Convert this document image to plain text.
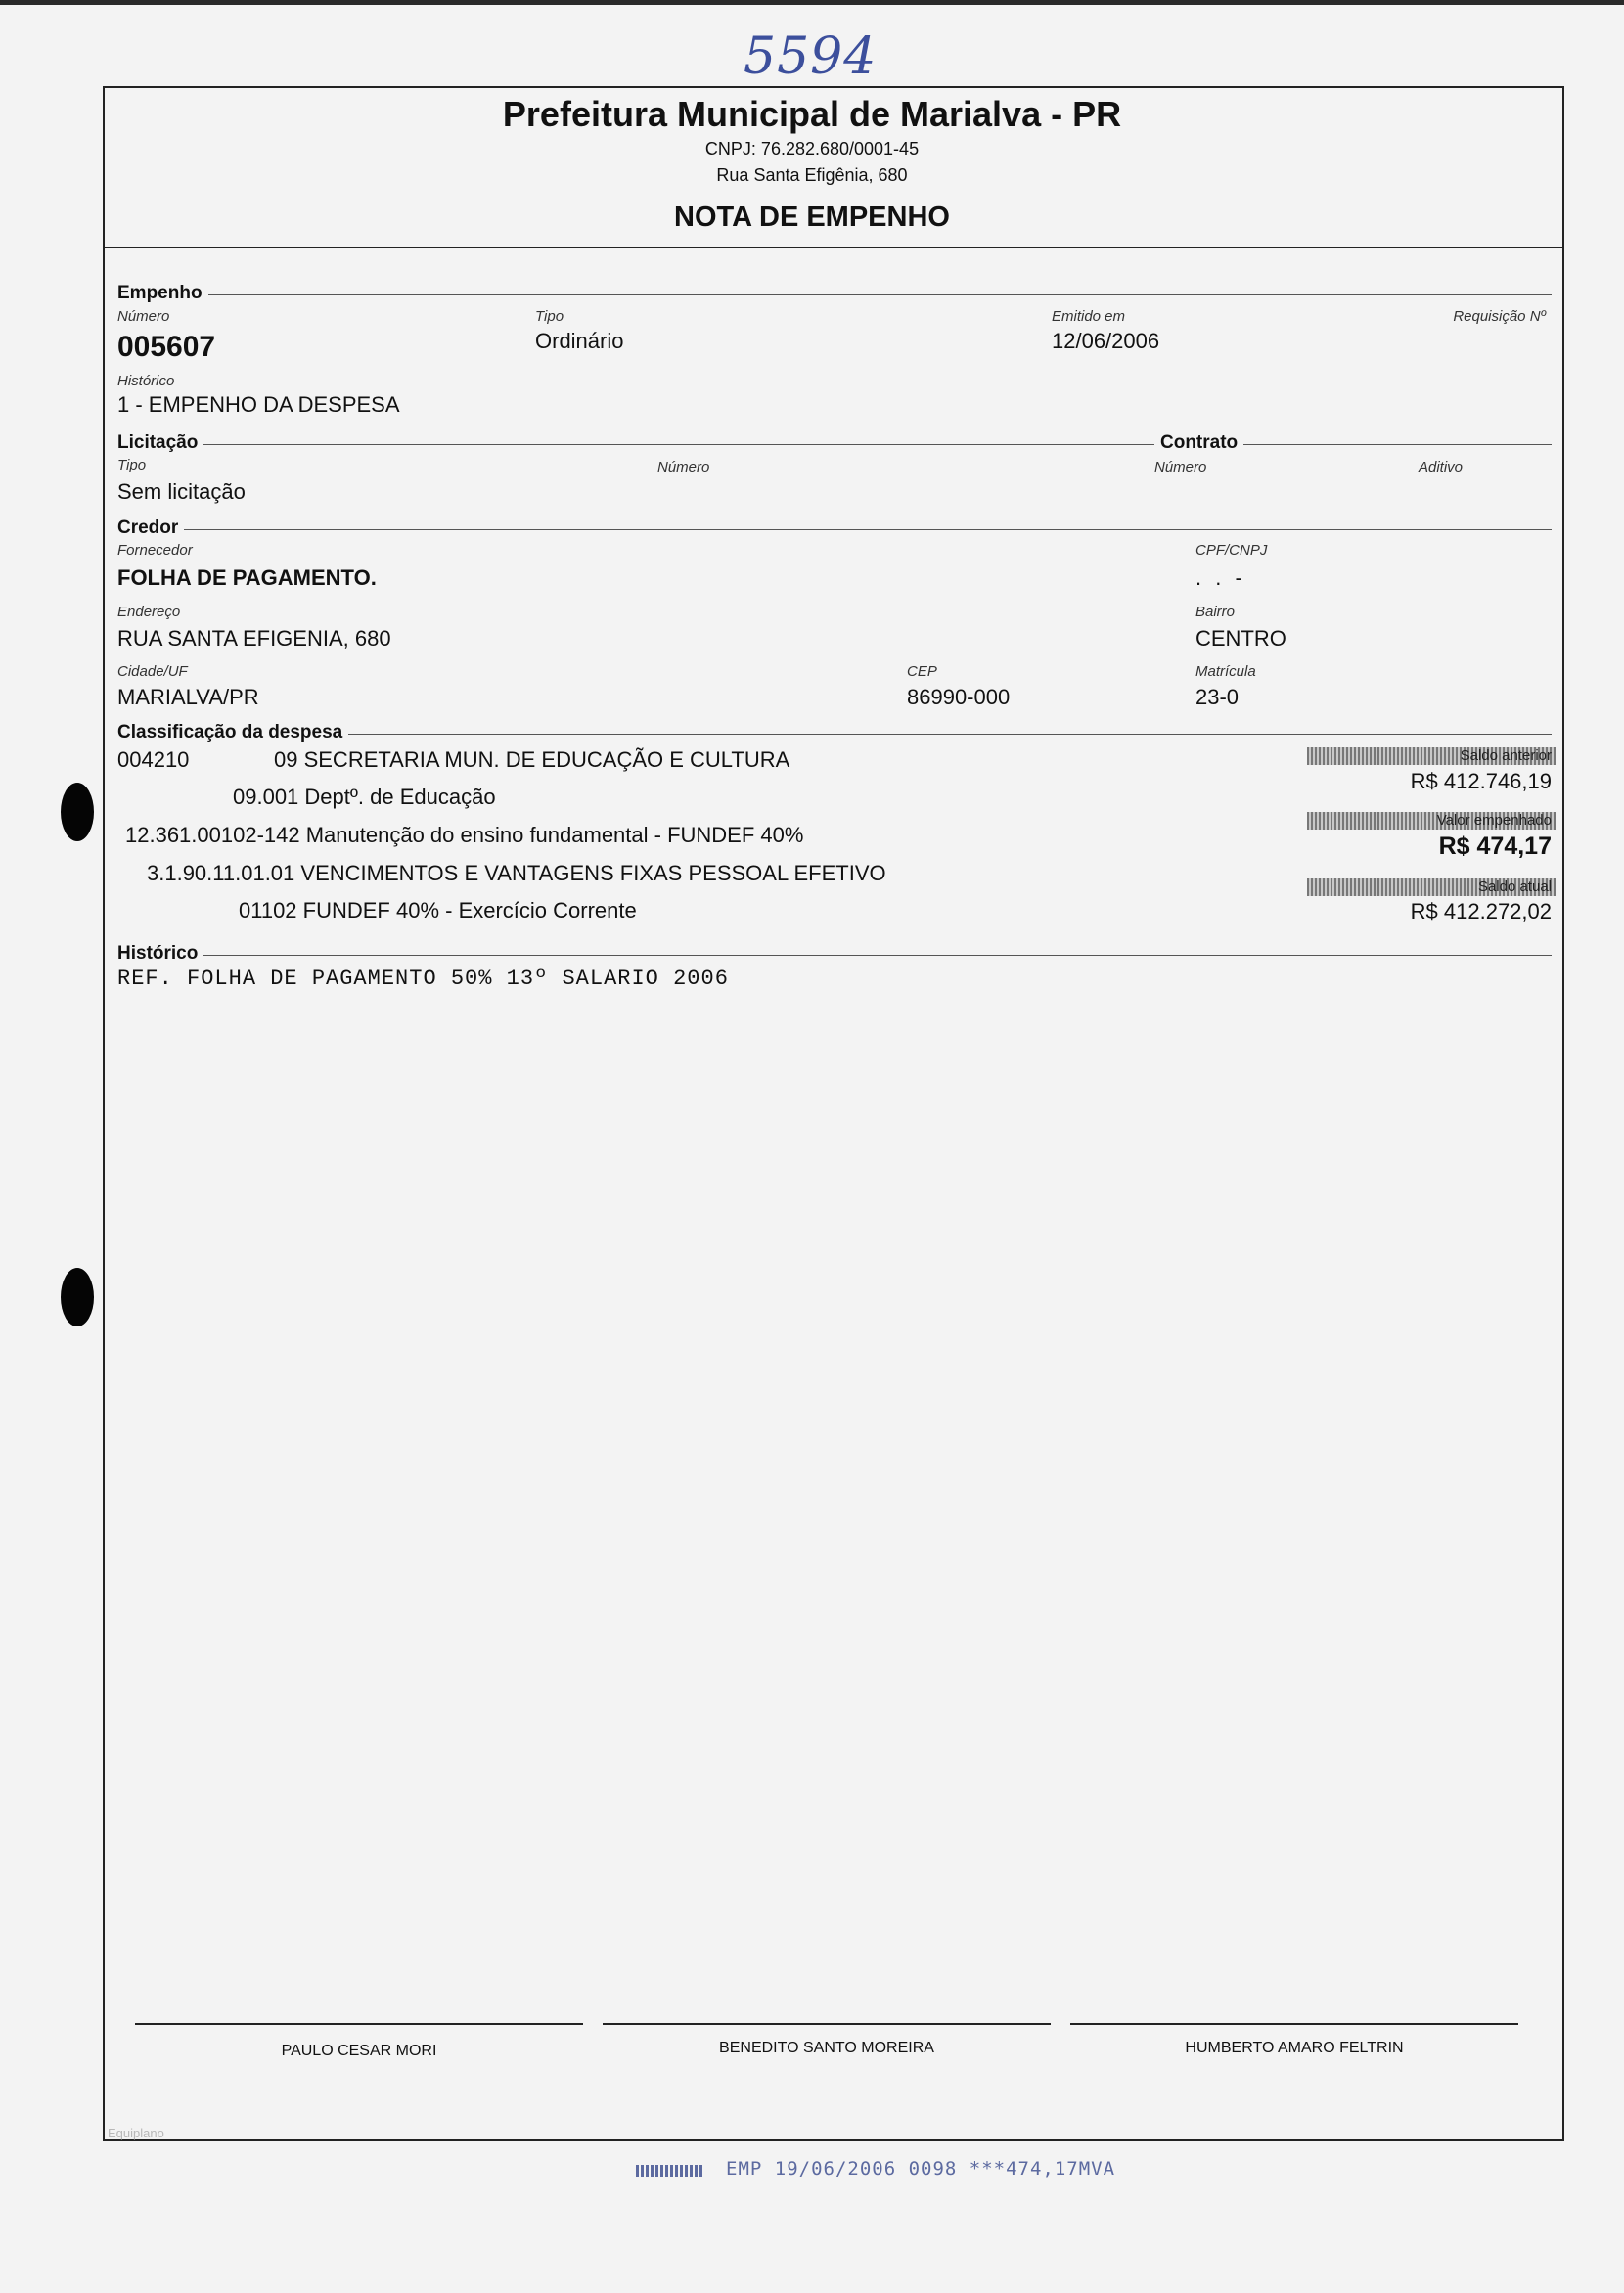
5594
Prefeitura Municipal de Marialva - PR
CNPJ: 76.282.680/0001-45
Rua Santa Efigênia, 680
NOTA DE EMPENHO
Empenho
Número
005607
Tipo
Ordinário
Emitido em
12/06/2006
Requisição Nº
Histórico
1 - EMPENHO DA DESPESA
Licitação	Contrato
Tipo
Sem licitação
Número	Número	Aditivo
Credor
Fornecedor
FOLHA DE PAGAMENTO.
CPF/CNPJ
. . -
Endereço
RUA SANTA EFIGENIA, 680
Bairro
CENTRO
Cidade/UF
MARIALVA/PR
CEP
86990-000
Matrícula
23-0
Classificação da despesa
004210	09 SECRETARIA MUN. DE EDUCAÇÃO E CULTURA
09.001 Deptº. de Educação
12.361.00102-142 Manutenção do ensino fundamental - FUNDEF 40%
3.1.90.11.01.01 VENCIMENTOS E VANTAGENS FIXAS PESSOAL EFETIVO
01102 FUNDEF 40% - Exercício Corrente
Saldo anterior
R$ 412.746,19
Valor empenhado
R$ 474,17
Saldo atual
R$ 412.272,02
Histórico
REF. FOLHA DE PAGAMENTO 50% 13º SALARIO 2006
PAULO CESAR MORI	BENEDITO SANTO MOREIRA	HUMBERTO AMARO FELTRIN
Equiplano
EMP 19/06/2006 0098 ***474,17MVA
